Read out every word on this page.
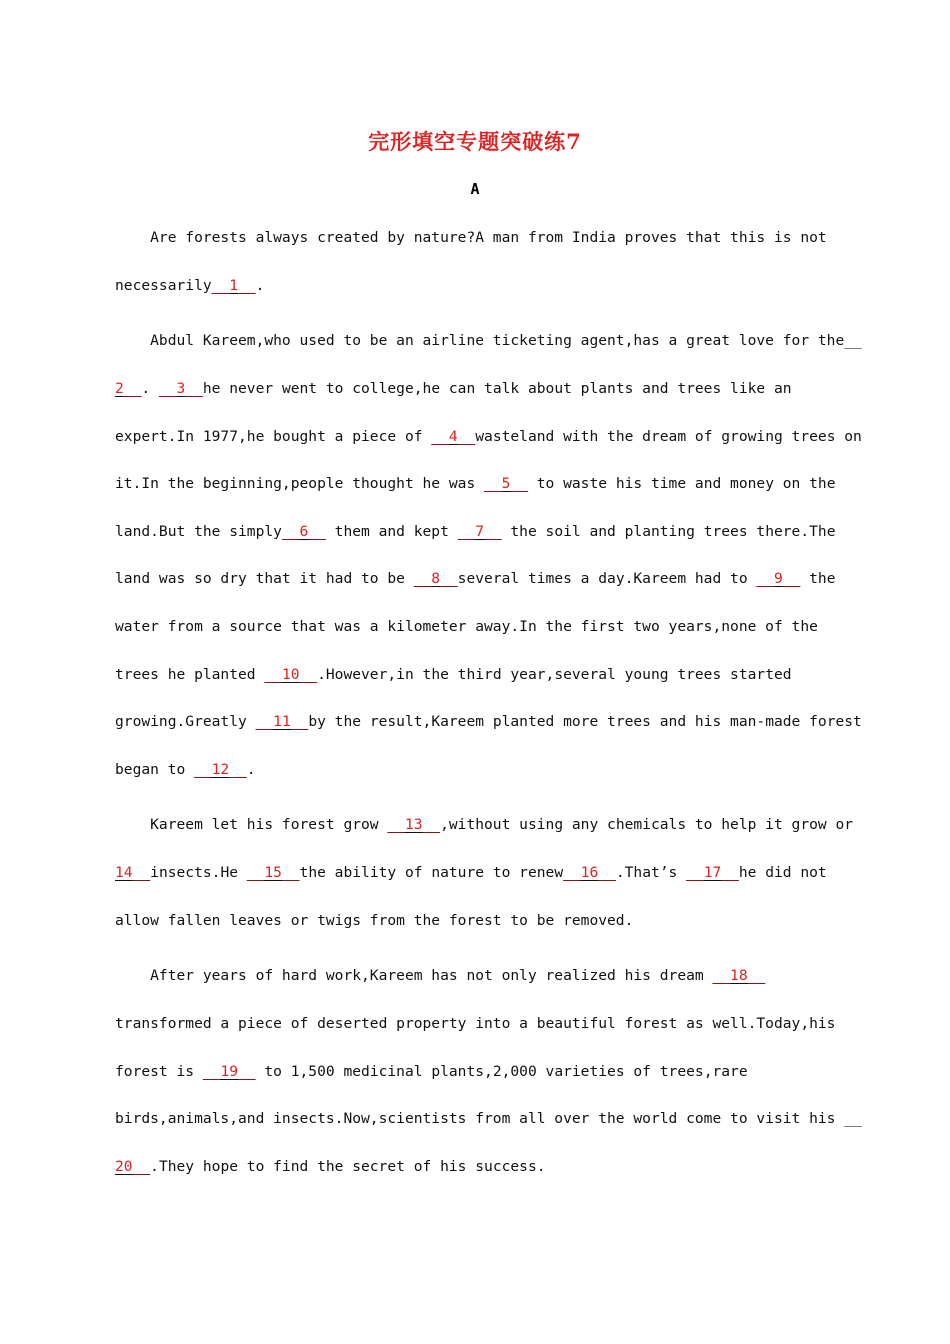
完形填空专题突破练7
A
Are forests always created by nature?A man from India proves that this is not
necessarily__1__.
Abdul Kareem,who used to be an airline ticketing agent,has a great love for the__
2__. __3__he never went to college,he can talk about plants and trees like an
expert.In 1977,he bought a piece of __4__wasteland with the dream of growing trees on
it.In the beginning,people thought he was __5__ to waste his time and money on the
land.But the simply__6__ them and kept __7__ the soil and planting trees there.The
land was so dry that it had to be __8__several times a day.Kareem had to __9__ the
water from a source that was a kilometer away.In the first two years,none of the
trees he planted __10__.However,in the third year,several young trees started
growing.Greatly __11__by the result,Kareem planted more trees and his man-made forest
began to __12__.
Kareem let his forest grow __13__,without using any chemicals to help it grow or
14__insects.He __15__the ability of nature to renew__16__.That’s __17__he did not
allow fallen leaves or twigs from the forest to be removed.
After years of hard work,Kareem has not only realized his dream __18__
transformed a piece of deserted property into a beautiful forest as well.Today,his
forest is __19__ to 1,500 medicinal plants,2,000 varieties of trees,rare
birds,animals,and insects.Now,scientists from all over the world come to visit his __
20__.They hope to find the secret of his success.
